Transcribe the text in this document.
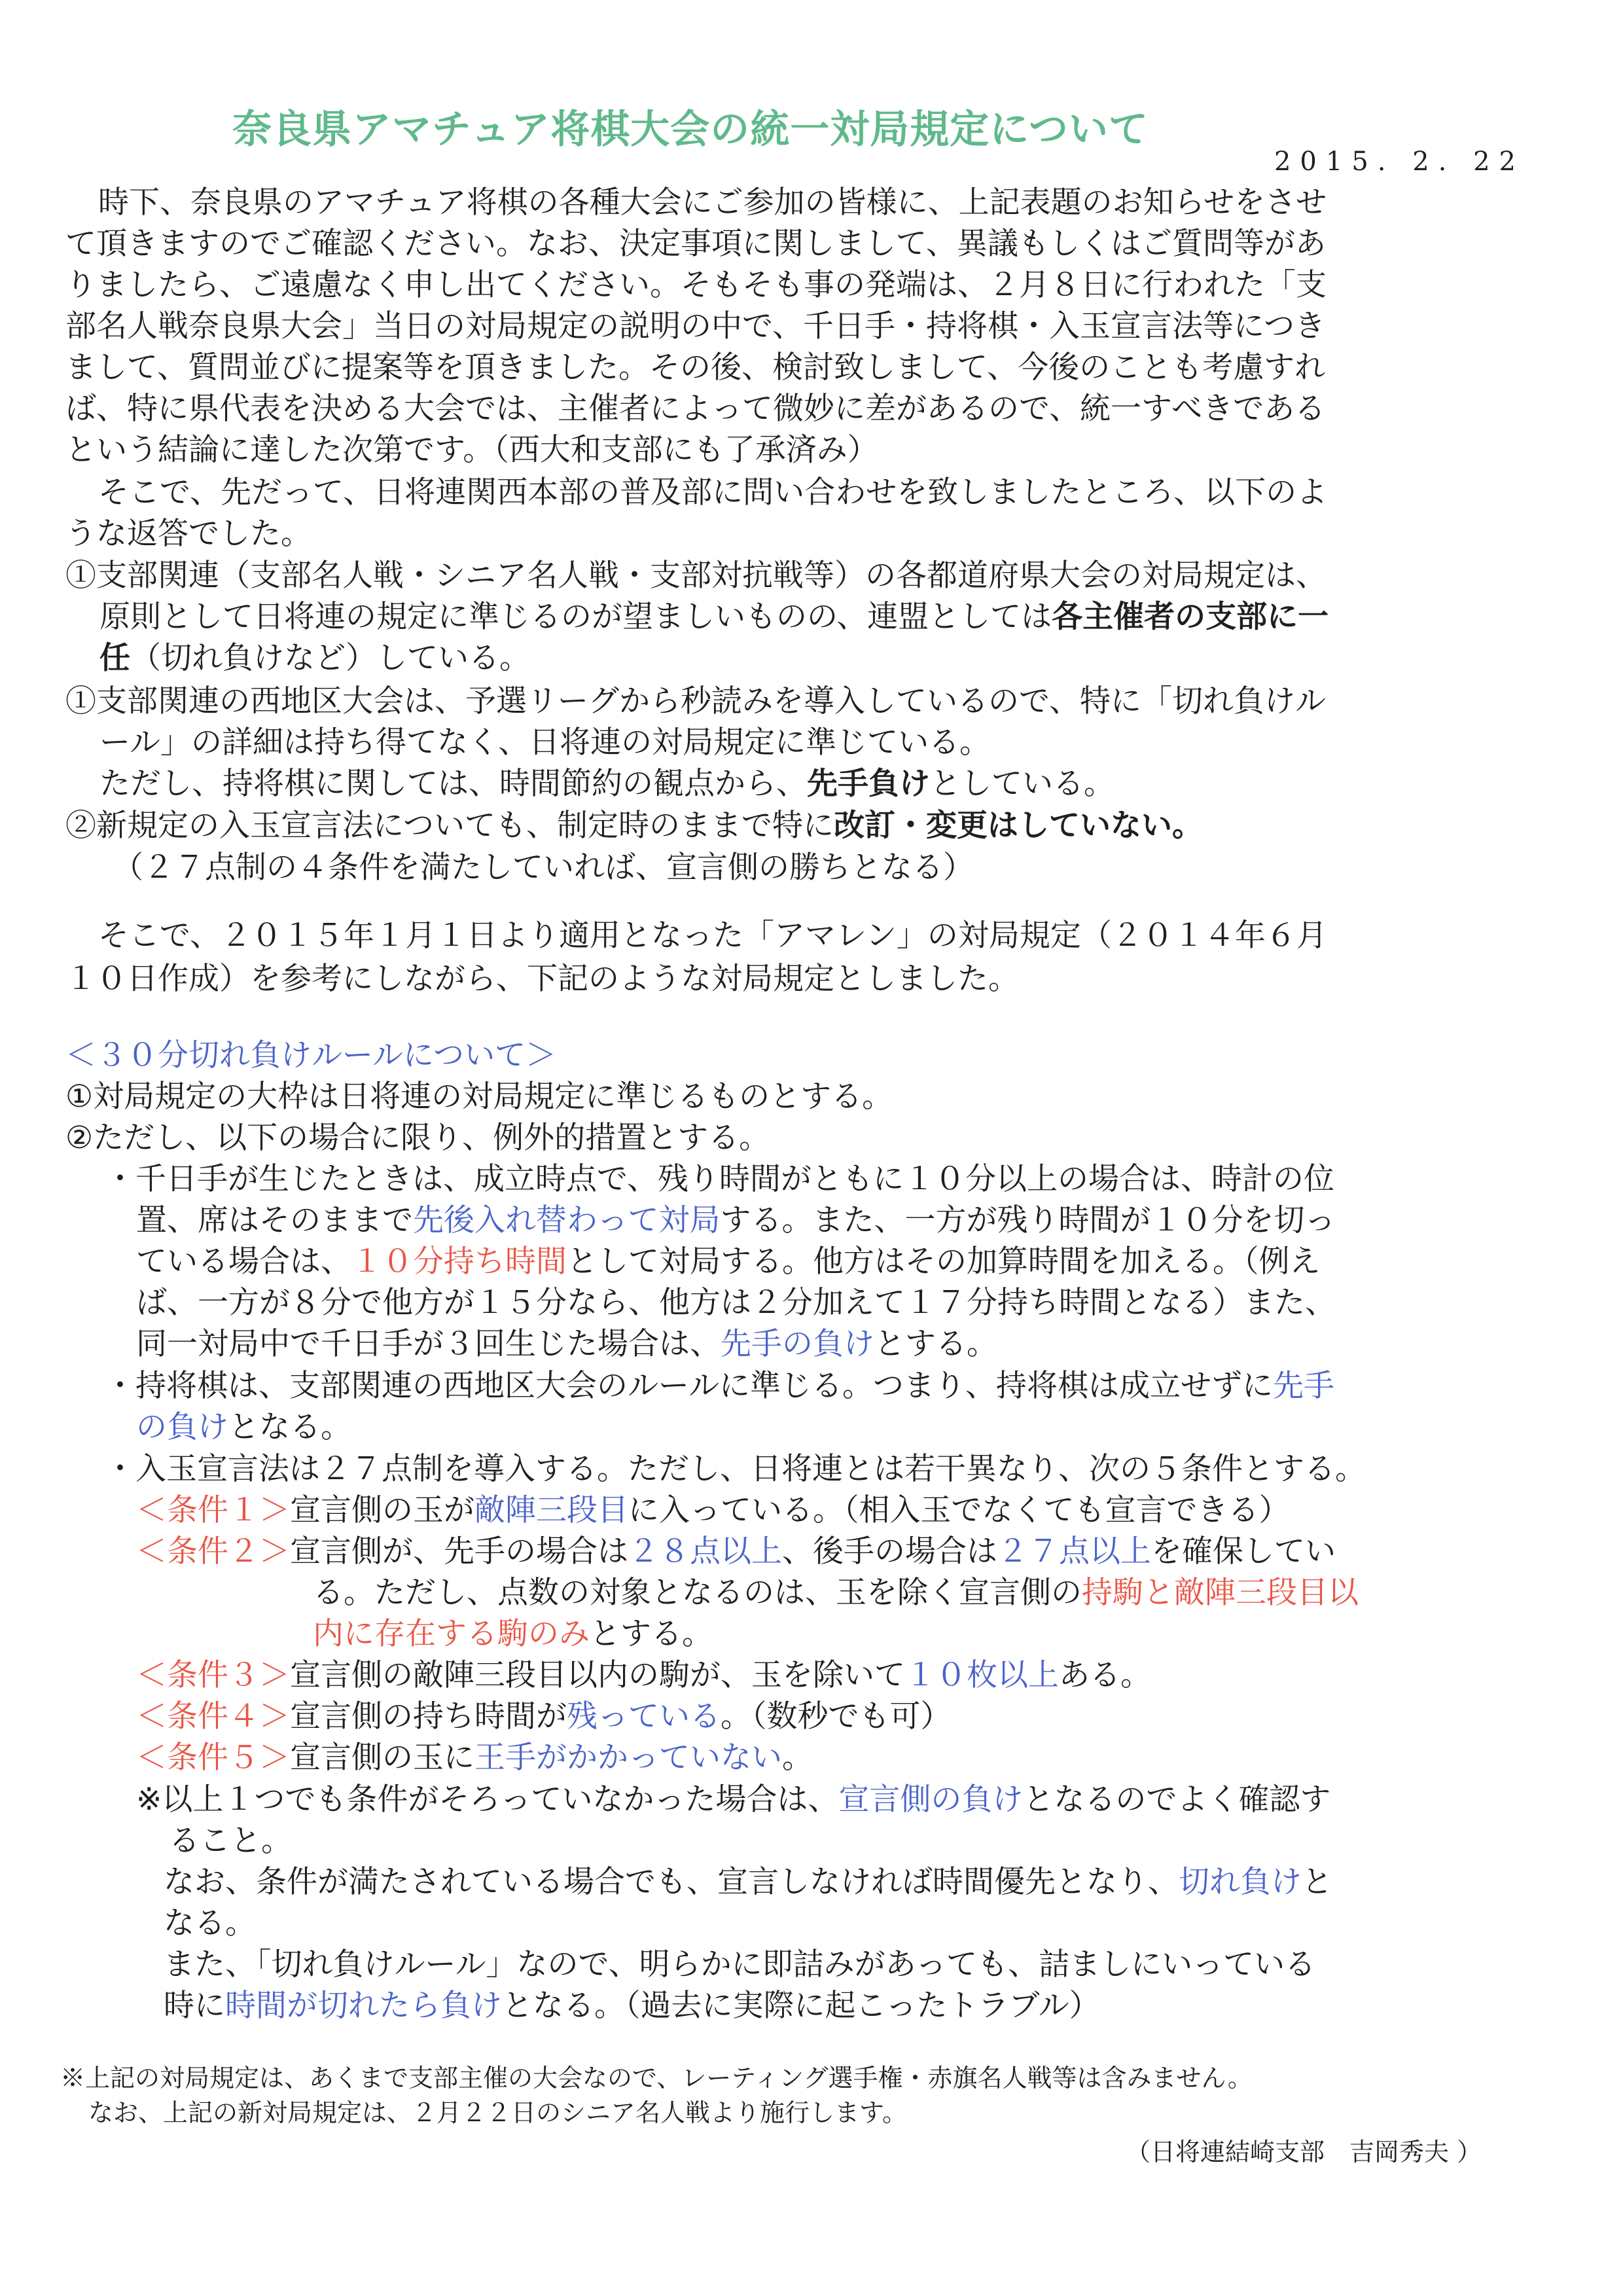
奈良県アマチュア将棋大会の統一対局規定について
2015. 2. 22
時下、奈良県のアマチュア将棋の各種大会にご参加の皆様に、上記表題のお知らせをさせ
て頂きますのでご確認ください。なお、決定事項に関しまして、異議もしくはご質問等があ
りましたら、ご遠慮なく申し出てください。そもそも事の発端は、２月８日に行われた「支
部名人戦奈良県大会」当日の対局規定の説明の中で、千日手・持将棋・入玉宣言法等につき
まして、質問並びに提案等を頂きました。その後、検討致しまして、今後のことも考慮すれ
ば、特に県代表を決める大会では、主催者によって微妙に差があるので、統一すべきである
という結論に達した次第です。（西大和支部にも了承済み）
そこで、先だって、日将連関西本部の普及部に問い合わせを致しましたところ、以下のよ
うな返答でした。
①支部関連（支部名人戦・シニア名人戦・支部対抗戦等）の各都道府県大会の対局規定は、
原則として日将連の規定に準じるのが望ましいものの、連盟としては各主催者の支部に一
任（切れ負けなど）している。
①支部関連の西地区大会は、予選リーグから秒読みを導入しているので、特に「切れ負けル
ール」の詳細は持ち得てなく、日将連の対局規定に準じている。
ただし、持将棋に関しては、時間節約の観点から、先手負けとしている。
②新規定の入玉宣言法についても、制定時のままで特に改訂・変更はしていない。
（２７点制の４条件を満たしていれば、宣言側の勝ちとなる）
そこで、２０１５年１月１日より適用となった「アマレン」の対局規定（２０１４年６月
１０日作成）を参考にしながら、下記のような対局規定としました。
＜３０分切れ負けルールについて＞
①対局規定の大枠は日将連の対局規定に準じるものとする。
②ただし、以下の場合に限り、例外的措置とする。
・千日手が生じたときは、成立時点で、残り時間がともに１０分以上の場合は、時計の位
置、席はそのままで先後入れ替わって対局する。また、一方が残り時間が１０分を切っ
ている場合は、１０分持ち時間として対局する。他方はその加算時間を加える。（例え
ば、一方が８分で他方が１５分なら、他方は２分加えて１７分持ち時間となる）また、
同一対局中で千日手が３回生じた場合は、先手の負けとする。
・持将棋は、支部関連の西地区大会のルールに準じる。つまり、持将棋は成立せずに先手
の負けとなる。
・入玉宣言法は２７点制を導入する。ただし、日将連とは若干異なり、次の５条件とする。
＜条件１＞宣言側の玉が敵陣三段目に入っている。（相入玉でなくても宣言できる）
＜条件２＞宣言側が、先手の場合は２８点以上、後手の場合は２７点以上を確保してい
る。ただし、点数の対象となるのは、玉を除く宣言側の持駒と敵陣三段目以
内に存在する駒のみとする。
＜条件３＞宣言側の敵陣三段目以内の駒が、玉を除いて１０枚以上ある。
＜条件４＞宣言側の持ち時間が残っている。（数秒でも可）
＜条件５＞宣言側の玉に王手がかかっていない。
※以上１つでも条件がそろっていなかった場合は、宣言側の負けとなるのでよく確認す
ること。
なお、条件が満たされている場合でも、宣言しなければ時間優先となり、切れ負けと
なる。
また、「切れ負けルール」なので、明らかに即詰みがあっても、詰ましにいっている
時に時間が切れたら負けとなる。（過去に実際に起こったトラブル）
※上記の対局規定は、あくまで支部主催の大会なので、レーティング選手権・赤旗名人戦等は含みません。
なお、上記の新対局規定は、２月２２日のシニア名人戦より施行します。
（日将連結崎支部　吉岡秀夫 ）
